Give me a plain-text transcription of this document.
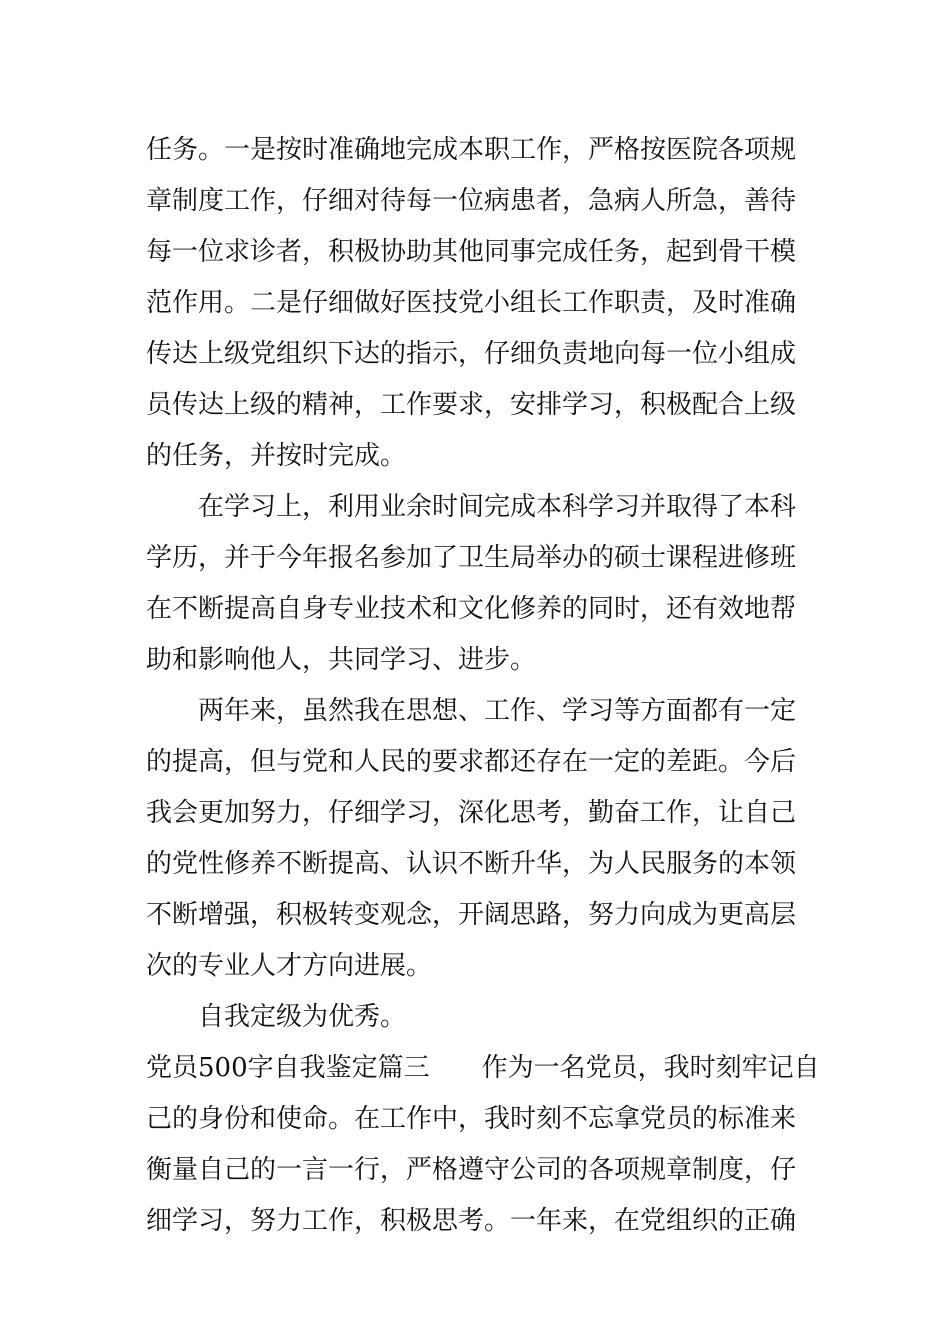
任务。一是按时准确地完成本职工作，严格按医院各项规
章制度工作，仔细对待每一位病患者，急病人所急，善待
每一位求诊者，积极协助其他同事完成任务，起到骨干模
范作用。二是仔细做好医技党小组长工作职责，及时准确
传达上级党组织下达的指示，仔细负责地向每一位小组成
员传达上级的精神，工作要求，安排学习，积极配合上级
的任务，并按时完成。
在学习上，利用业余时间完成本科学习并取得了本科
学历，并于今年报名参加了卫生局举办的硕士课程进修班
在不断提高自身专业技术和文化修养的同时，还有效地帮
助和影响他人，共同学习、进步。
两年来，虽然我在思想、工作、学习等方面都有一定
的提高，但与党和人民的要求都还存在一定的差距。今后
我会更加努力，仔细学习，深化思考，勤奋工作，让自己
的党性修养不断提高、认识不断升华，为人民服务的本领
不断增强，积极转变观念，开阔思路，努力向成为更高层
次的专业人才方向进展。
自我定级为优秀。
党员500字自我鉴定篇三 作为一名党员，我时刻牢记自
己的身份和使命。在工作中，我时刻不忘拿党员的标准来
衡量自己的一言一行，严格遵守公司的各项规章制度，仔
细学习，努力工作，积极思考。一年来，在党组织的正确
